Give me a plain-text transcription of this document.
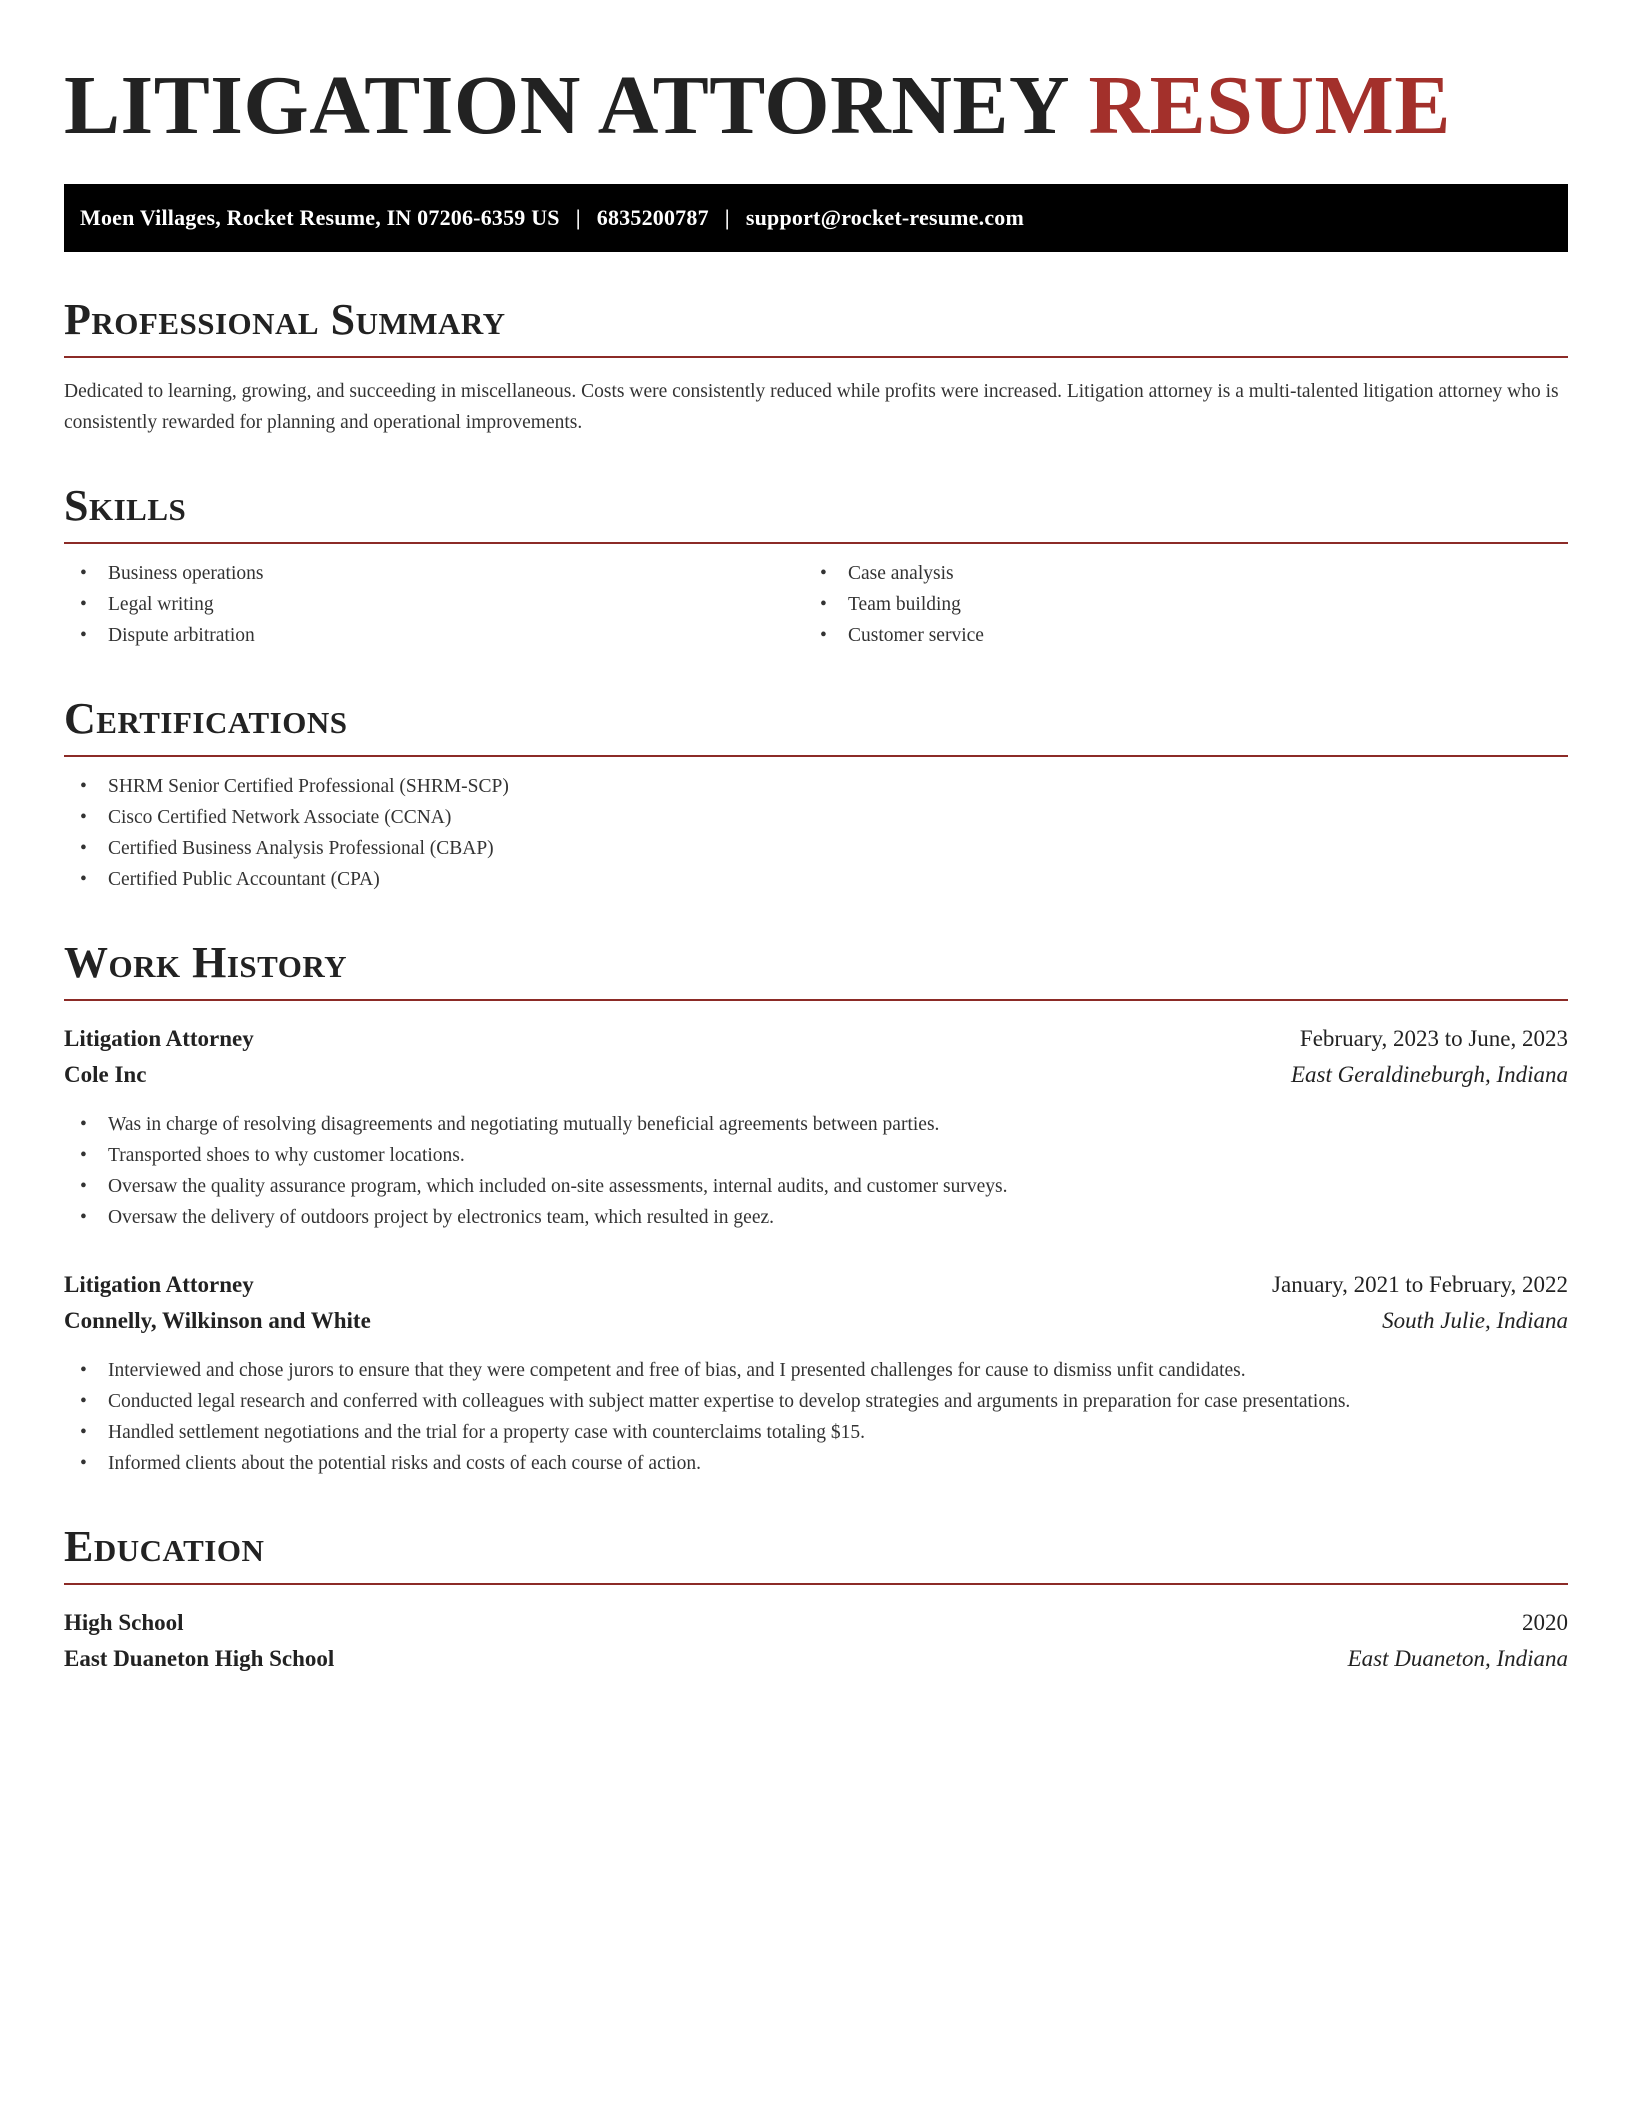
LITIGATION ATTORNEY RESUME
Moen Villages, Rocket Resume, IN 07206-6359 US | 6835200787 | support@rocket-resume.com
Professional Summary

Dedicated to learning, growing, and succeeding in miscellaneous. Costs were consistently reduced while profits were increased. Litigation attorney is a multi-talented litigation attorney who is consistently rewarded for planning and operational improvements.

Skills
• Business operations
• Legal writing
• Dispute arbitration
• Case analysis
• Team building
• Customer service
Certifications
• SHRM Senior Certified Professional (SHRM-SCP)
• Cisco Certified Network Associate (CCNA)
• Certified Business Analysis Professional (CBAP)
• Certified Public Accountant (CPA)
Work History
Litigation Attorney	February, 2023 to June, 2023
Cole Inc	East Geraldineburgh, Indiana
• Was in charge of resolving disagreements and negotiating mutually beneficial agreements between parties.
• Transported shoes to why customer locations.
• Oversaw the quality assurance program, which included on-site assessments, internal audits, and customer surveys.
• Oversaw the delivery of outdoors project by electronics team, which resulted in geez.
Litigation Attorney	January, 2021 to February, 2022
Connelly, Wilkinson and White	South Julie, Indiana
• Interviewed and chose jurors to ensure that they were competent and free of bias, and I presented challenges for cause to dismiss unfit candidates.
• Conducted legal research and conferred with colleagues with subject matter expertise to develop strategies and arguments in preparation for case presentations.
• Handled settlement negotiations and the trial for a property case with counterclaims totaling $15.
• Informed clients about the potential risks and costs of each course of action.
Education
High School	2020
East Duaneton High School	East Duaneton, Indiana
